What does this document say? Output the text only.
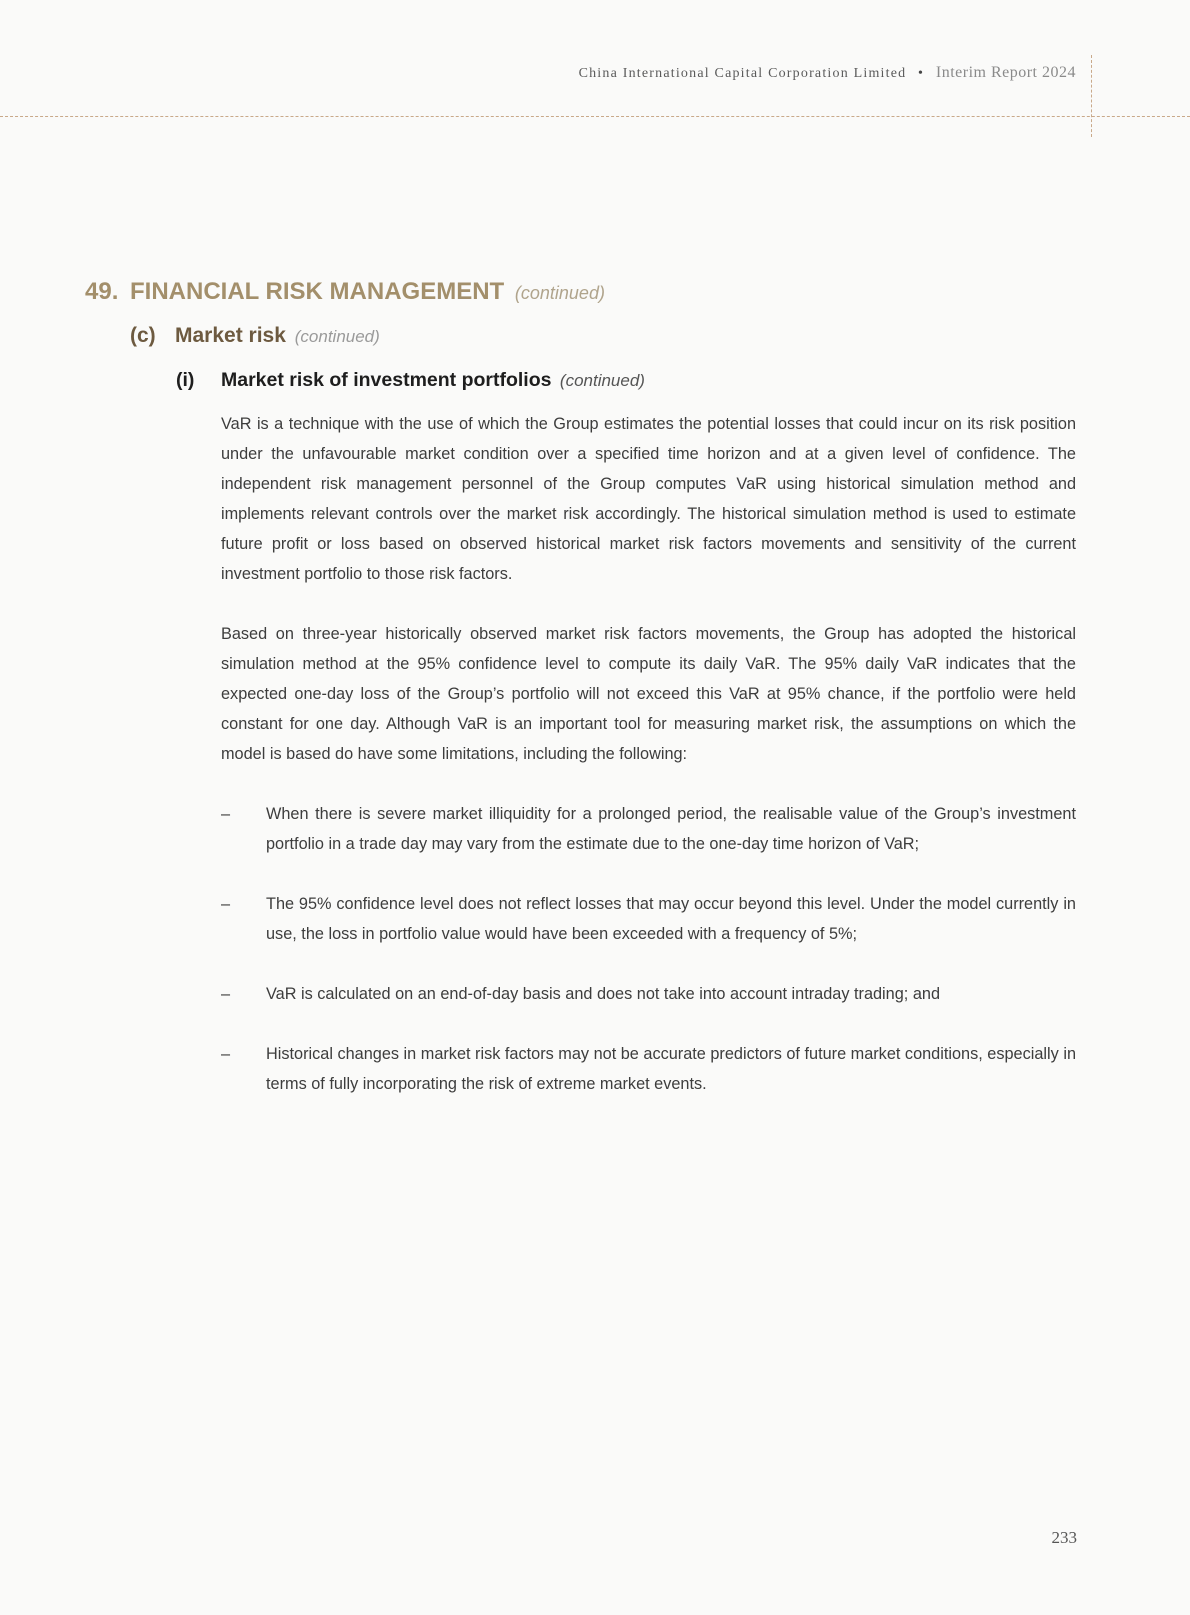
China International Capital Corporation Limited • Interim Report 2024
49. FINANCIAL RISK MANAGEMENT (continued)
(c) Market risk (continued)
(i) Market risk of investment portfolios (continued)

VaR is a technique with the use of which the Group estimates the potential losses that could incur on its risk position under the unfavourable market condition over a specified time horizon and at a given level of confidence. The independent risk management personnel of the Group computes VaR using historical simulation method and implements relevant controls over the market risk accordingly. The historical simulation method is used to estimate future profit or loss based on observed historical market risk factors movements and sensitivity of the current investment portfolio to those risk factors.

Based on three-year historically observed market risk factors movements, the Group has adopted the historical simulation method at the 95% confidence level to compute its daily VaR. The 95% daily VaR indicates that the expected one-day loss of the Group’s portfolio will not exceed this VaR at 95% chance, if the portfolio were held constant for one day. Although VaR is an important tool for measuring market risk, the assumptions on which the model is based do have some limitations, including the following:

– When there is severe market illiquidity for a prolonged period, the realisable value of the Group’s investment portfolio in a trade day may vary from the estimate due to the one-day time horizon of VaR;
– The 95% confidence level does not reflect losses that may occur beyond this level. Under the model currently in use, the loss in portfolio value would have been exceeded with a frequency of 5%;
– VaR is calculated on an end-of-day basis and does not take into account intraday trading; and
– Historical changes in market risk factors may not be accurate predictors of future market conditions, especially in terms of fully incorporating the risk of extreme market events.
233
